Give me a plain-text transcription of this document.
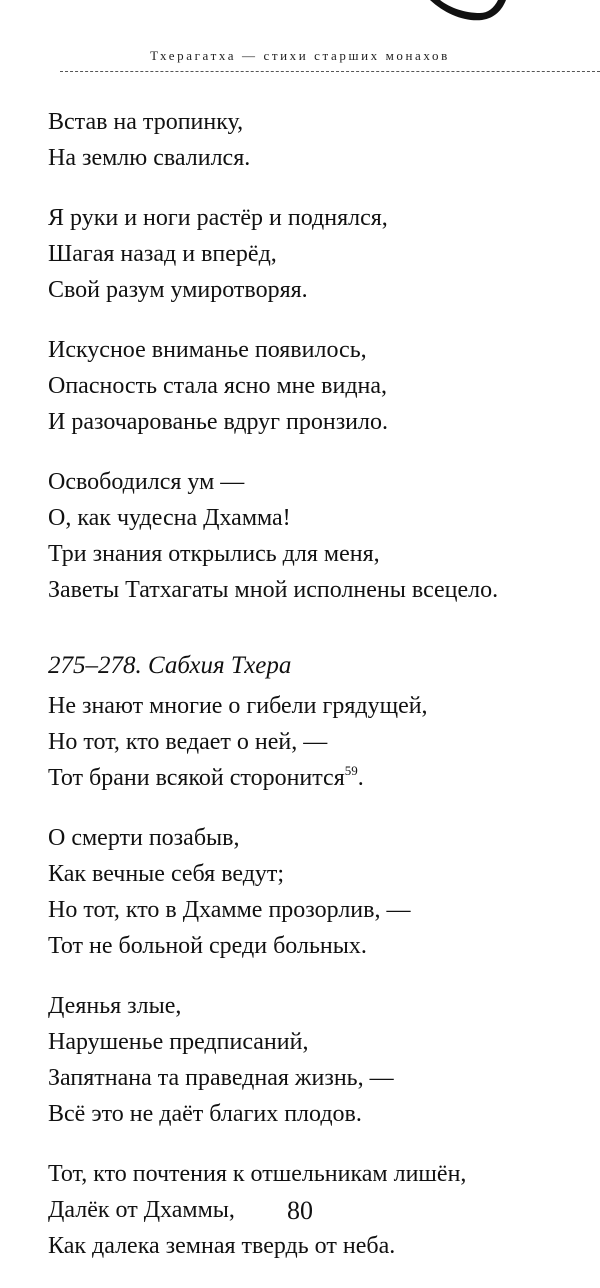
Тхерагатха — стихи старших монахов
Встав на тропинку,
На землю свалился.
Я руки и ноги растёр и поднялся,
Шагая назад и вперёд,
Свой разум умиротворяя.
Искусное вниманье появилось,
Опасность стала ясно мне видна,
И разочарованье вдруг пронзило.
Освободился ум —
О, как чудесна Дхамма!
Три знания открылись для меня,
Заветы Татхагаты мной исполнены всецело.
275–278. Сабхия Тхера
Не знают многие о гибели грядущей,
Но тот, кто ведает о ней, —
Тот брани всякой сторонится$^{59}$.
О смерти позабыв,
Как вечные себя ведут;
Но тот, кто в Дхамме прозорлив, —
Тот не больной среди больных.
Деянья злые,
Нарушенье предписаний,
Запятнана та праведная жизнь, —
Всё это не даёт благих плодов.
Тот, кто почтения к отшельникам лишён,
Далёк от Дхаммы,
Как далека земная твердь от неба.
80
